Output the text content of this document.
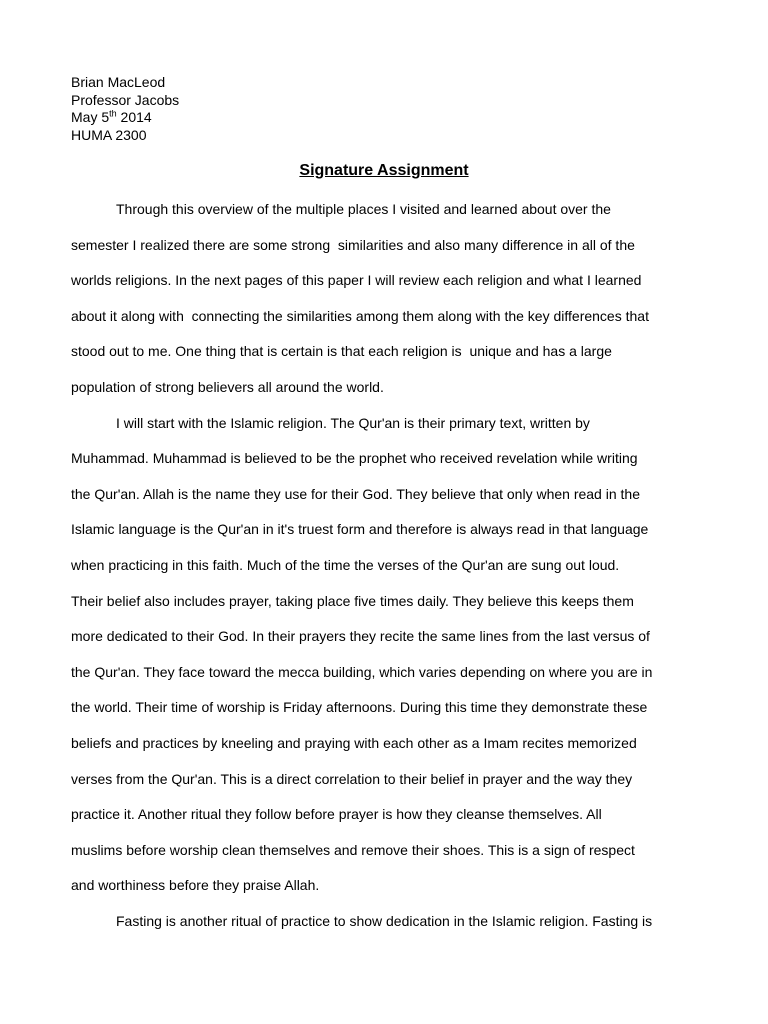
Brian MacLeod
Professor Jacobs
May 5th 2014
HUMA 2300
Signature Assignment
Through this overview of the multiple places I visited and learned about over the
semester I realized there are some strong  similarities and also many difference in all of the
worlds religions. In the next pages of this paper I will review each religion and what I learned
about it along with  connecting the similarities among them along with the key differences that
stood out to me. One thing that is certain is that each religion is  unique and has a large
population of strong believers all around the world.
I will start with the Islamic religion. The Qur'an is their primary text, written by
Muhammad. Muhammad is believed to be the prophet who received revelation while writing
the Qur'an. Allah is the name they use for their God. They believe that only when read in the
Islamic language is the Qur'an in it's truest form and therefore is always read in that language
when practicing in this faith. Much of the time the verses of the Qur'an are sung out loud.
Their belief also includes prayer, taking place five times daily. They believe this keeps them
more dedicated to their God. In their prayers they recite the same lines from the last versus of
the Qur'an. They face toward the mecca building, which varies depending on where you are in
the world. Their time of worship is Friday afternoons. During this time they demonstrate these
beliefs and practices by kneeling and praying with each other as a Imam recites memorized
verses from the Qur'an. This is a direct correlation to their belief in prayer and the way they
practice it. Another ritual they follow before prayer is how they cleanse themselves. All
muslims before worship clean themselves and remove their shoes. This is a sign of respect
and worthiness before they praise Allah.
Fasting is another ritual of practice to show dedication in the Islamic religion. Fasting is
